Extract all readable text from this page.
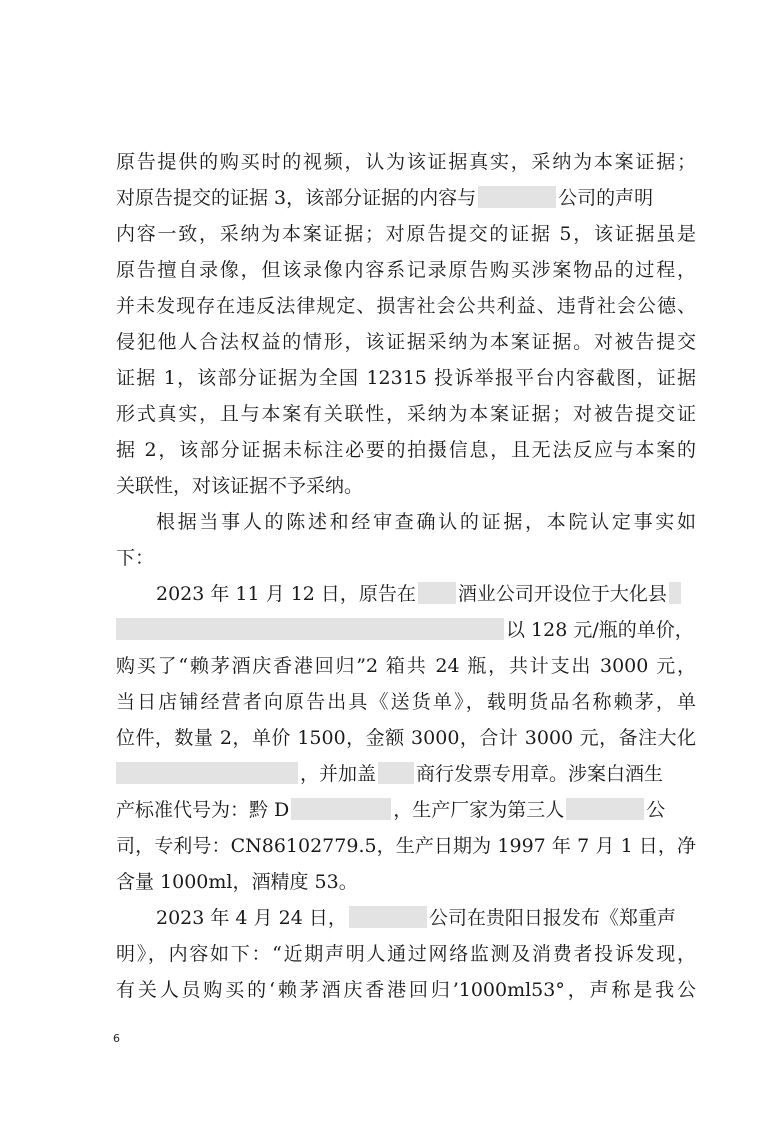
原告提供的购买时的视频，认为该证据真实，采纳为本案证据；
对原告提交的证据 3，该部分证据的内容与	公司的声明
内容一致，采纳为本案证据；对原告提交的证据 5，该证据虽是
原告擅自录像，但该录像内容系记录原告购买涉案物品的过程，
并未发现存在违反法律规定、损害社会公共利益、违背社会公德、
侵犯他人合法权益的情形，该证据采纳为本案证据。对被告提交
证据 1，该部分证据为全国 12315 投诉举报平台内容截图，证据
形式真实，且与本案有关联性，采纳为本案证据；对被告提交证
据 2，该部分证据未标注必要的拍摄信息，且无法反应与本案的
关联性，对该证据不予采纳。
根据当事人的陈述和经审查确认的证据，本院认定事实如
下：
2023 年 11 月 12 日，原告在 酒业公司开设位于大化县
以 128 元/瓶的单价，
购买了“赖茅酒庆香港回归”2 箱共 24 瓶，共计支出 3000 元，
当日店铺经营者向原告出具《送货单》，载明货品名称赖茅，单
位件，数量 2，单价 1500，金额 3000，合计 3000 元，备注大化
，并加盖 商行发票专用章。涉案白酒生
产标准代号为：黔 D	，生产厂家为第三人	公
司，专利号：CN86102779.5，生产日期为 1997 年 7 月 1 日，净
含量 1000ml，酒精度 53。
2023 年 4 月 24 日，	公司在贵阳日报发布《郑重声
明》，内容如下：“近期声明人通过网络监测及消费者投诉发现，
有关人员购买的‘赖茅酒庆香港回归’1000ml53°，声称是我公
6
